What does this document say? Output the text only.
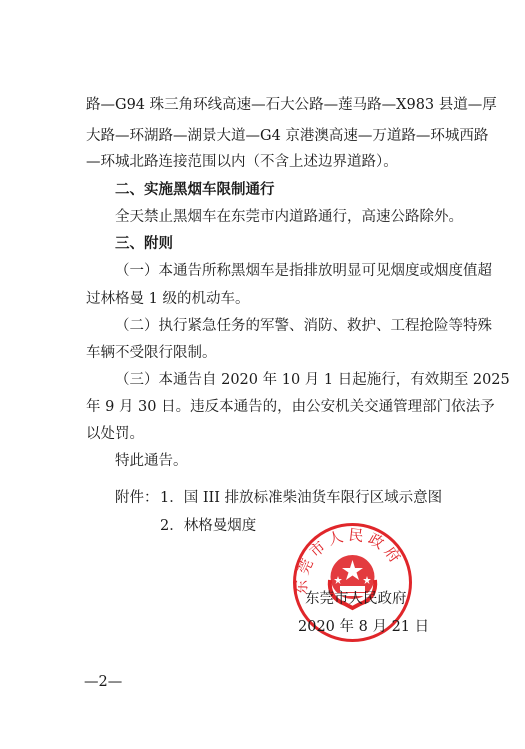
路—G94 珠三角环线高速—石大公路—莲马路—X983 县道—厚
大路—环湖路—湖景大道—G4 京港澳高速—万道路—环城西路
—环城北路连接范围以内（不含上述边界道路）。
二、实施黑烟车限制通行
全天禁止黑烟车在东莞市内道路通行，高速公路除外。
三、附则
（一）本通告所称黑烟车是指排放明显可见烟度或烟度值超
过林格曼 1 级的机动车。
（二）执行紧急任务的军警、消防、救护、工程抢险等特殊
车辆不受限行限制。
（三）本通告自 2020 年 10 月 1 日起施行，有效期至 2025
年 9 月 30 日。违反本通告的，由公安机关交通管理部门依法予
以处罚。
特此通告。
附件： 1．国 III 排放标准柴油货车限行区域示意图
2．林格曼烟度
东莞市人民政府
东莞市人民政府
2020 年 8 月 21 日
—2—
